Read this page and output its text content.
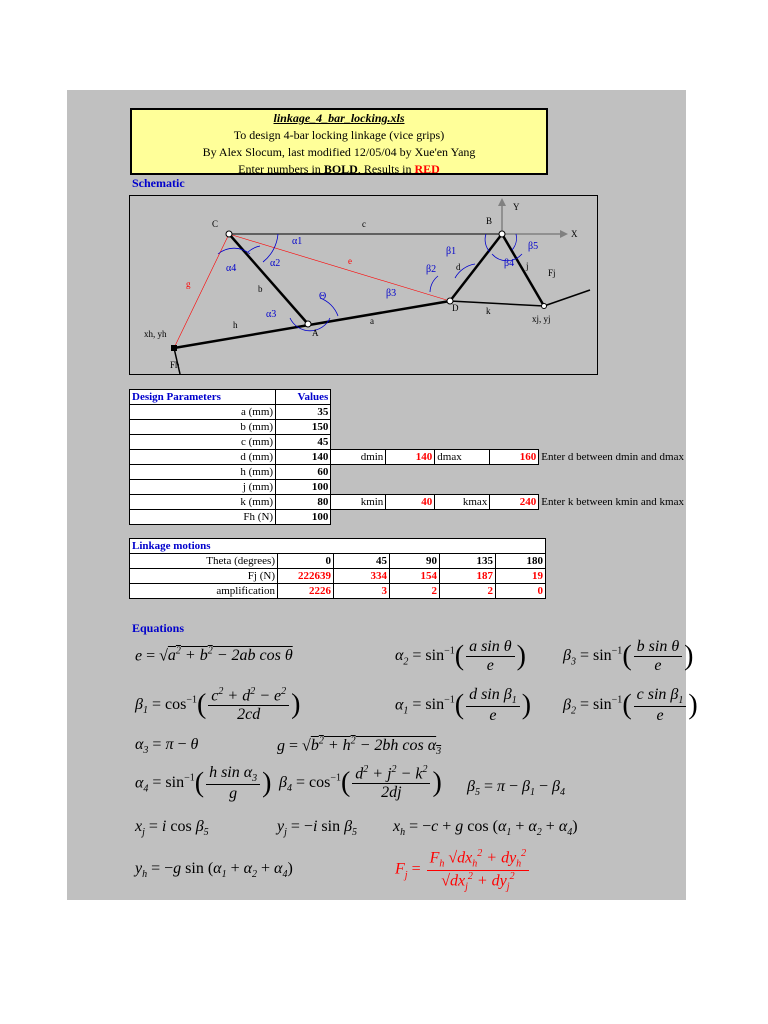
linkage_4_bar_locking.xls
To design 4-bar locking linkage (vice grips)
By Alex Slocum, last modified 12/05/04 by Xue'en Yang
Enter numbers in BOLD, Results in RED
Schematic
X
Y
α1
α2
α4
α3
Θ
β1
β2
β3
β4
β5
C	B
A
D
c
b
h	a
d
k
j
Fj
Fh
xh, yh
xj, yj
e
g
Design Parameters	Values					
a (mm)	35					
b (mm)	150					
c (mm)	45					
d (mm)	140	dmin	140	dmax	160	Enter d between dmin and dmax
h (mm)	60					
j (mm)	100					
k (mm)	80	kmin	40	kmax	240	Enter k between kmin and kmax
Fh (N)	100					
Linkage motions					
Theta (degrees)	0	45	90	135	180
Fj (N)	222639	334	154	187	19
amplification	2226	3	2	2	0
Equations
$e = √a^2 + b^2 - 2ab$ cos θ	$\alpha_2 = \sin^{-1}( \frac{\text{a sin θ}}{e}$ ) $\beta_3 = \sin^{-1}( \frac{\text{b sin θ}}{e}$ )
$\beta_1 = \cos^{-1}( \frac{c^2 + d^2 - e^2}{2cd}$ )	$\alpha_1 = \sin^{-1}( \frac{d \sin \beta_1}{e}$ ) $\beta_2 = \sin^{-1}( \frac{c \sin \beta_1}{e}$ )
$\alpha_3 = \pi - \theta$	$g = √b^2 + h^2 - 2bh$ $\cos \alpha_3$
$\alpha_4 = \sin^{-1}( \frac{h \sin \alpha_3}{g}$ ) $\beta_4 = \cos^{-1}( \frac{d^2 + j^2 - k^2}{2dj}$ ) $\beta_5 = \pi - \beta_1 - \beta_4$
$x_j = i$ $\cos \beta_5$	$y_j = -i$ $\sin \beta_5$ $x_h = -c + g$ $\cos (\alpha_1 + \alpha_2 + \alpha_4)$
$y_h = -g$ $\sin (\alpha_1 + \alpha_2 + \alpha_4)$	$F_j = \frac{F_h √dx_h^2 + dy_h^2}{√dx_j^2 + dy_j^2}$
